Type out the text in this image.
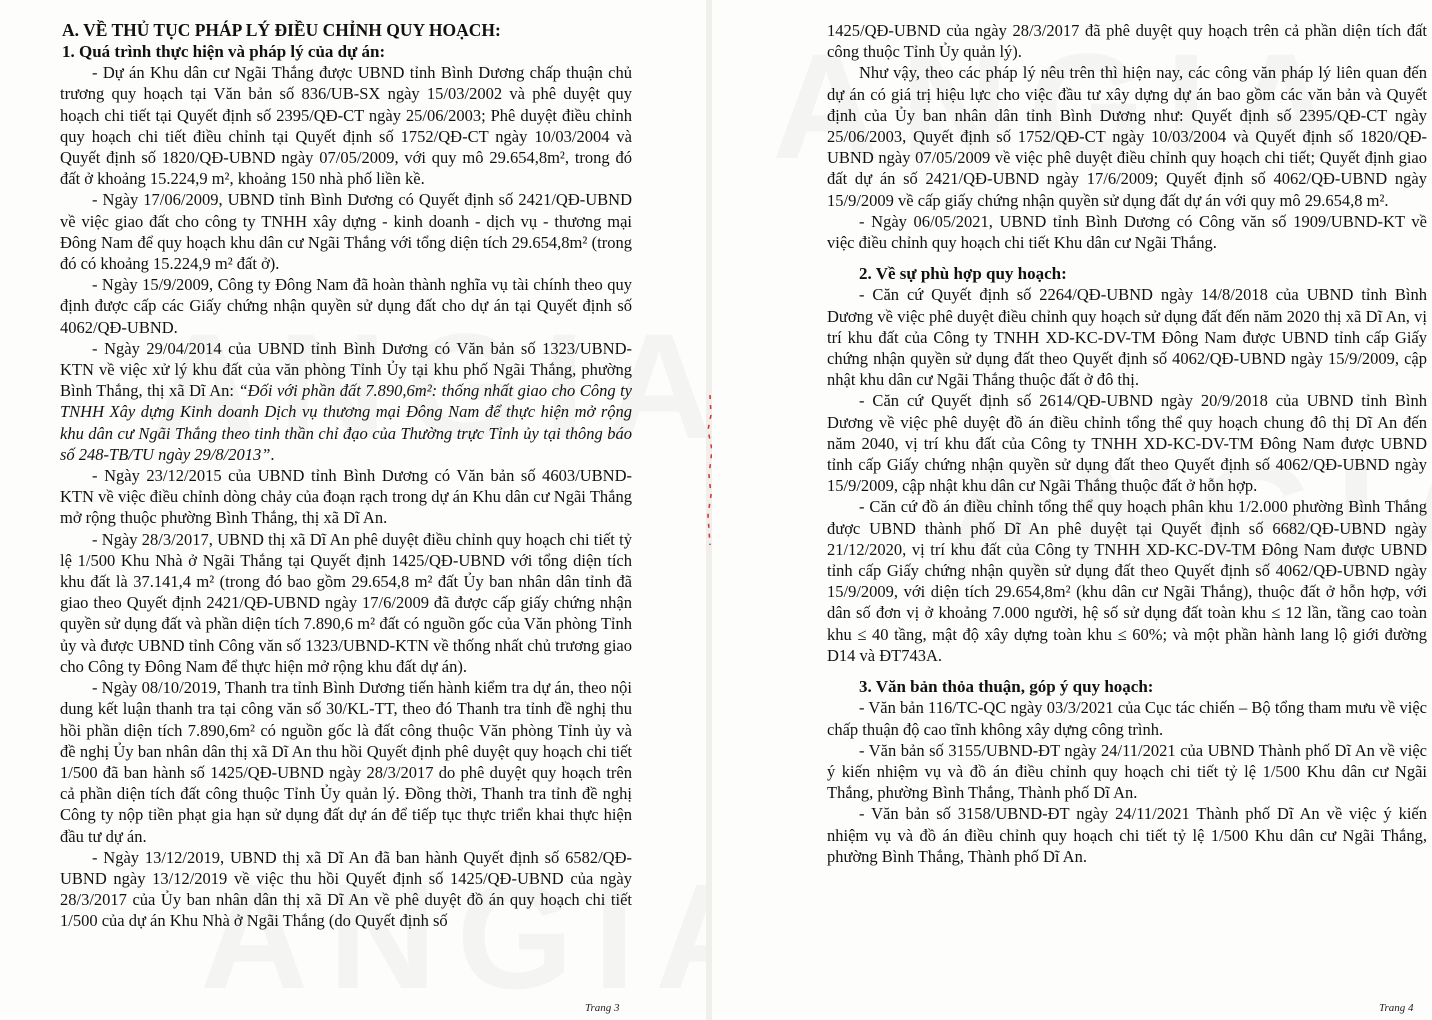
A. VỀ THỦ TỤC PHÁP LÝ ĐIỀU CHỈNH QUY HOẠCH:
1. Quá trình thực hiện và pháp lý của dự án:

- Dự án Khu dân cư Ngãi Thắng được UBND tỉnh Bình Dương chấp thuận chủ trương quy hoạch tại Văn bản số 836/UB-SX ngày 15/03/2002 và phê duyệt quy hoạch chi tiết tại Quyết định số 2395/QĐ-CT ngày 25/06/2003; Phê duyệt điều chỉnh quy hoạch chi tiết điều chỉnh tại Quyết định số 1752/QĐ-CT ngày 10/03/2004 và Quyết định số 1820/QĐ-UBND ngày 07/05/2009, với quy mô 29.654,8m², trong đó đất ở khoảng 15.224,9 m², khoảng 150 nhà phố liền kề.

- Ngày 17/06/2009, UBND tỉnh Bình Dương có Quyết định số 2421/QĐ-UBND về việc giao đất cho công ty TNHH xây dựng - kinh doanh - dịch vụ - thương mại Đông Nam để quy hoạch khu dân cư Ngãi Thắng với tổng diện tích 29.654,8m² (trong đó có khoảng 15.224,9 m² đất ở).

- Ngày 15/9/2009, Công ty Đông Nam đã hoàn thành nghĩa vụ tài chính theo quy định được cấp các Giấy chứng nhận quyền sử dụng đất cho dự án tại Quyết định số 4062/QĐ-UBND.

- Ngày 29/04/2014 của UBND tỉnh Bình Dương có Văn bản số 1323/UBND-KTN về việc xử lý khu đất của văn phòng Tỉnh Ủy tại khu phố Ngãi Thắng, phường Bình Thắng, thị xã Dĩ An: “Đối với phần đất 7.890,6m²: thống nhất giao cho Công ty TNHH Xây dựng Kinh doanh Dịch vụ thương mại Đông Nam để thực hiện mở rộng khu dân cư Ngãi Thắng theo tinh thần chỉ đạo của Thường trực Tỉnh ủy tại thông báo số 248-TB/TU ngày 29/8/2013”.

- Ngày 23/12/2015 của UBND tỉnh Bình Dương có Văn bản số 4603/UBND-KTN về việc điều chỉnh dòng chảy của đoạn rạch trong dự án Khu dân cư Ngãi Thắng mở rộng thuộc phường Bình Thắng, thị xã Dĩ An.

- Ngày 28/3/2017, UBND thị xã Dĩ An phê duyệt điều chỉnh quy hoạch chi tiết tỷ lệ 1/500 Khu Nhà ở Ngãi Thắng tại Quyết định 1425/QĐ-UBND với tổng diện tích khu đất là 37.141,4 m² (trong đó bao gồm 29.654,8 m² đất Ủy ban nhân dân tỉnh đã giao theo Quyết định 2421/QĐ-UBND ngày 17/6/2009 đã được cấp giấy chứng nhận quyền sử dụng đất và phần diện tích 7.890,6 m² đất có nguồn gốc của Văn phòng Tỉnh ủy và được UBND tỉnh Công văn số 1323/UBND-KTN về thống nhất chủ trương giao cho Công ty Đông Nam để thực hiện mở rộng khu đất dự án).

- Ngày 08/10/2019, Thanh tra tỉnh Bình Dương tiến hành kiểm tra dự án, theo nội dung kết luận thanh tra tại công văn số 30/KL-TT, theo đó Thanh tra tỉnh đề nghị thu hồi phần diện tích 7.890,6m² có nguồn gốc là đất công thuộc Văn phòng Tỉnh ủy và đề nghị Ủy ban nhân dân thị xã Dĩ An thu hồi Quyết định phê duyệt quy hoạch chi tiết 1/500 đã ban hành số 1425/QĐ-UBND ngày 28/3/2017 do phê duyệt quy hoạch trên cả phần diện tích đất công thuộc Tỉnh Ủy quản lý. Đồng thời, Thanh tra tỉnh đề nghị Công ty nộp tiền phạt gia hạn sử dụng đất dự án để tiếp tục thực triển khai thực hiện đầu tư dự án.

- Ngày 13/12/2019, UBND thị xã Dĩ An đã ban hành Quyết định số 6582/QĐ-UBND ngày 13/12/2019 về việc thu hồi Quyết định số 1425/QĐ-UBND của ngày 28/3/2017 của Ủy ban nhân dân thị xã Dĩ An về phê duyệt đồ án quy hoạch chi tiết 1/500 của dự án Khu Nhà ở Ngãi Thắng (do Quyết định số

Trang 3

1425/QĐ-UBND của ngày 28/3/2017 đã phê duyệt quy hoạch trên cả phần diện tích đất công thuộc Tỉnh Ủy quản lý).

Như vậy, theo các pháp lý nêu trên thì hiện nay, các công văn pháp lý liên quan đến dự án có giá trị hiệu lực cho việc đầu tư xây dựng dự án bao gồm các văn bản và Quyết định của Ủy ban nhân dân tỉnh Bình Dương như: Quyết định số 2395/QĐ-CT ngày 25/06/2003, Quyết định số 1752/QĐ-CT ngày 10/03/2004 và Quyết định số 1820/QĐ-UBND ngày 07/05/2009 về việc phê duyệt điều chỉnh quy hoạch chi tiết; Quyết định giao đất dự án số 2421/QĐ-UBND ngày 17/6/2009; Quyết định số 4062/QĐ-UBND ngày 15/9/2009 về cấp giấy chứng nhận quyền sử dụng đất dự án với quy mô 29.654,8 m².

- Ngày 06/05/2021, UBND tỉnh Bình Dương có Công văn số 1909/UBND-KT về việc điều chỉnh quy hoạch chi tiết Khu dân cư Ngãi Thắng.

2. Về sự phù hợp quy hoạch:

- Căn cứ Quyết định số 2264/QĐ-UBND ngày 14/8/2018 của UBND tỉnh Bình Dương về việc phê duyệt điều chỉnh quy hoạch sử dụng đất đến năm 2020 thị xã Dĩ An, vị trí khu đất của Công ty TNHH XD-KC-DV-TM Đông Nam được UBND tỉnh cấp Giấy chứng nhận quyền sử dụng đất theo Quyết định số 4062/QĐ-UBND ngày 15/9/2009, cập nhật khu dân cư Ngãi Thắng thuộc đất ở đô thị.

- Căn cứ Quyết định số 2614/QĐ-UBND ngày 20/9/2018 của UBND tỉnh Bình Dương về việc phê duyệt đồ án điều chỉnh tổng thể quy hoạch chung đô thị Dĩ An đến năm 2040, vị trí khu đất của Công ty TNHH XD-KC-DV-TM Đông Nam được UBND tỉnh cấp Giấy chứng nhận quyền sử dụng đất theo Quyết định số 4062/QĐ-UBND ngày 15/9/2009, cập nhật khu dân cư Ngãi Thắng thuộc đất ở hỗn hợp.

- Căn cứ đồ án điều chỉnh tổng thể quy hoạch phân khu 1/2.000 phường Bình Thắng được UBND thành phố Dĩ An phê duyệt tại Quyết định số 6682/QĐ-UBND ngày 21/12/2020, vị trí khu đất của Công ty TNHH XD-KC-DV-TM Đông Nam được UBND tỉnh cấp Giấy chứng nhận quyền sử dụng đất theo Quyết định số 4062/QĐ-UBND ngày 15/9/2009, với diện tích 29.654,8m² (khu dân cư Ngãi Thắng), thuộc đất ở hỗn hợp, với dân số đơn vị ở khoảng 7.000 người, hệ số sử dụng đất toàn khu ≤ 12 lần, tầng cao toàn khu ≤ 40 tầng, mật độ xây dựng toàn khu ≤ 60%; và một phần hành lang lộ giới đường D14 và ĐT743A.

3. Văn bản thỏa thuận, góp ý quy hoạch:

- Văn bản 116/TC-QC ngày 03/3/2021 của Cục tác chiến – Bộ tổng tham mưu về việc chấp thuận độ cao tĩnh không xây dựng công trình.

- Văn bản số 3155/UBND-ĐT ngày 24/11/2021 của UBND Thành phố Dĩ An về việc ý kiến nhiệm vụ và đồ án điều chỉnh quy hoạch chi tiết tỷ lệ 1/500 Khu dân cư Ngãi Thắng, phường Bình Thắng, Thành phố Dĩ An.

- Văn bản số 3158/UBND-ĐT ngày 24/11/2021 Thành phố Dĩ An về việc ý kiến nhiệm vụ và đồ án điều chỉnh quy hoạch chi tiết tỷ lệ 1/500 Khu dân cư Ngãi Thắng, phường Bình Thắng, Thành phố Dĩ An.

Trang 4
